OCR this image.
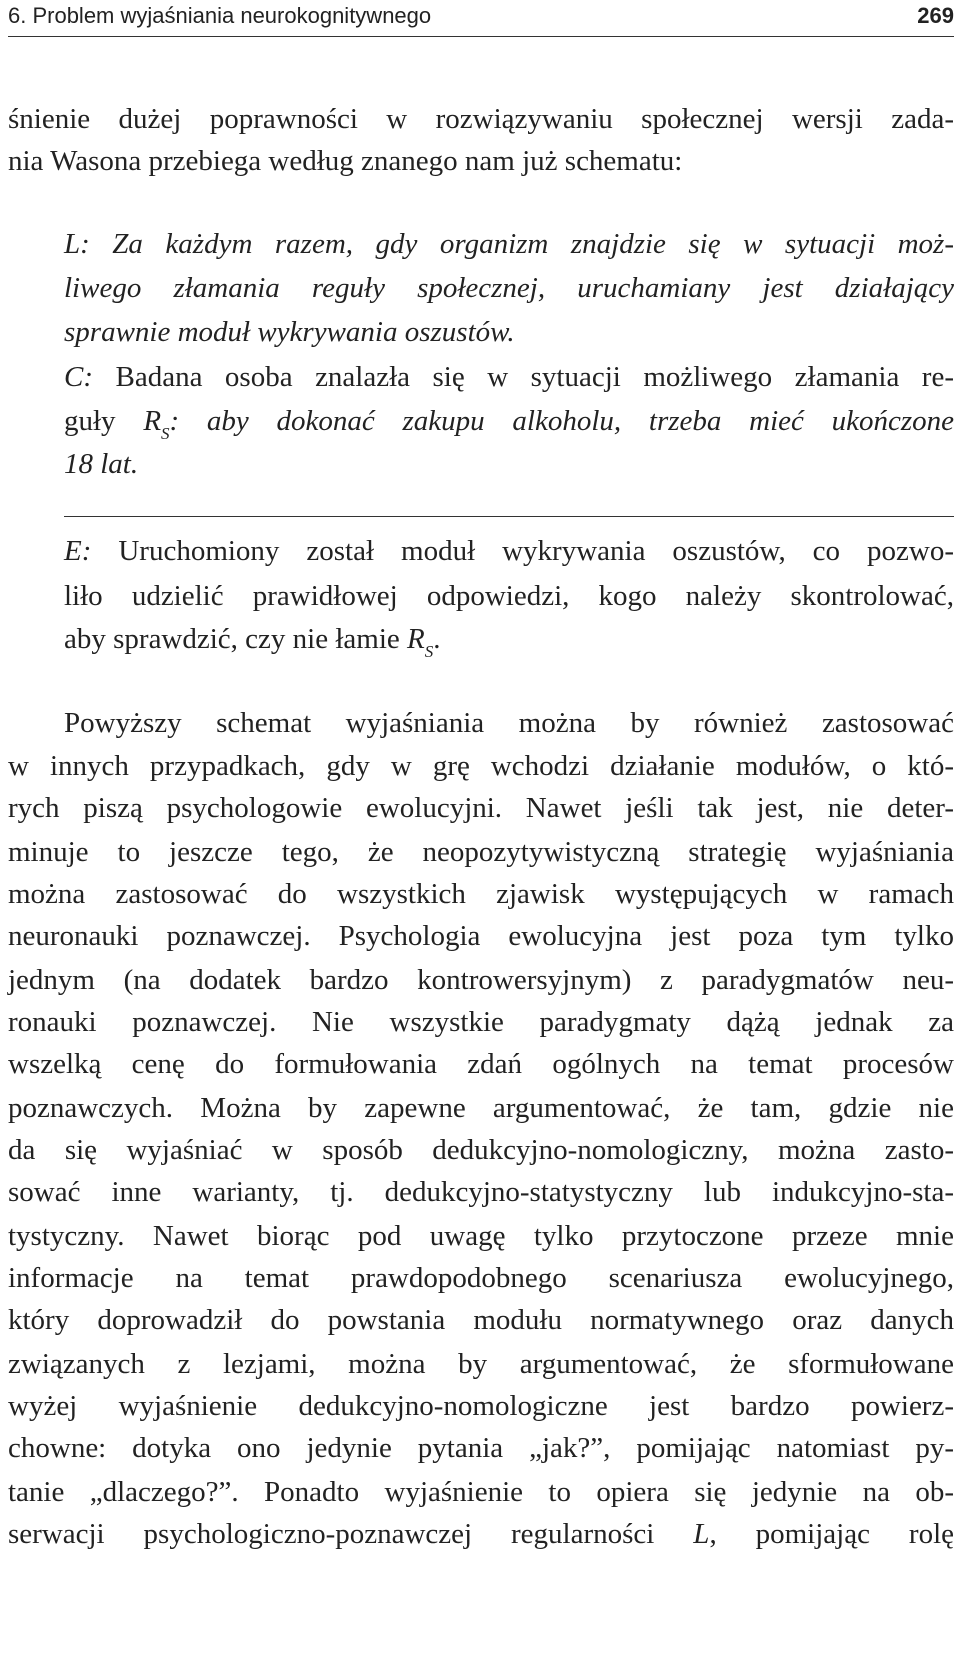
6. Problem wyjaśniania neurokognitywnego	269
śnienie dużej poprawności w rozwiązywaniu społecznej wersji zada-
nia Wasona przebiega według znanego nam już schematu:
L: Za każdym razem, gdy organizm znajdzie się w sytuacji moż-
liwego złamania reguły społecznej, uruchamiany jest działający
sprawnie moduł wykrywania oszustów.
C: Badana osoba znalazła się w sytuacji możliwego złamania re-
guły $R_S$: aby dokonać zakupu alkoholu, trzeba mieć ukończone
18 lat.
E: Uruchomiony został moduł wykrywania oszustów, co pozwo-
liło udzielić prawidłowej odpowiedzi, kogo należy skontrolować,
aby sprawdzić, czy nie łamie $R_S$.
Powyższy schemat wyjaśniania można by również zastosować
w innych przypadkach, gdy w grę wchodzi działanie modułów, o któ-
rych piszą psychologowie ewolucyjni. Nawet jeśli tak jest, nie deter-
minuje to jeszcze tego, że neopozytywistyczną strategię wyjaśniania
można zastosować do wszystkich zjawisk występujących w ramach
neuronauki poznawczej. Psychologia ewolucyjna jest poza tym tylko
jednym (na dodatek bardzo kontrowersyjnym) z paradygmatów neu-
ronauki poznawczej. Nie wszystkie paradygmaty dążą jednak za
wszelką cenę do formułowania zdań ogólnych na temat procesów
poznawczych. Można by zapewne argumentować, że tam, gdzie nie
da się wyjaśniać w sposób dedukcyjno-nomologiczny, można zasto-
sować inne warianty, tj. dedukcyjno-statystyczny lub indukcyjno-sta-
tystyczny. Nawet biorąc pod uwagę tylko przytoczone przeze mnie
informacje na temat prawdopodobnego scenariusza ewolucyjnego,
który doprowadził do powstania modułu normatywnego oraz danych
związanych z lezjami, można by argumentować, że sformułowane
wyżej wyjaśnienie dedukcyjno-nomologiczne jest bardzo powierz-
chowne: dotyka ono jedynie pytania „jak?”, pomijając natomiast py-
tanie „dlaczego?”. Ponadto wyjaśnienie to opiera się jedynie na ob-
serwacji psychologiczno-poznawczej regularności L, pomijając rolę
